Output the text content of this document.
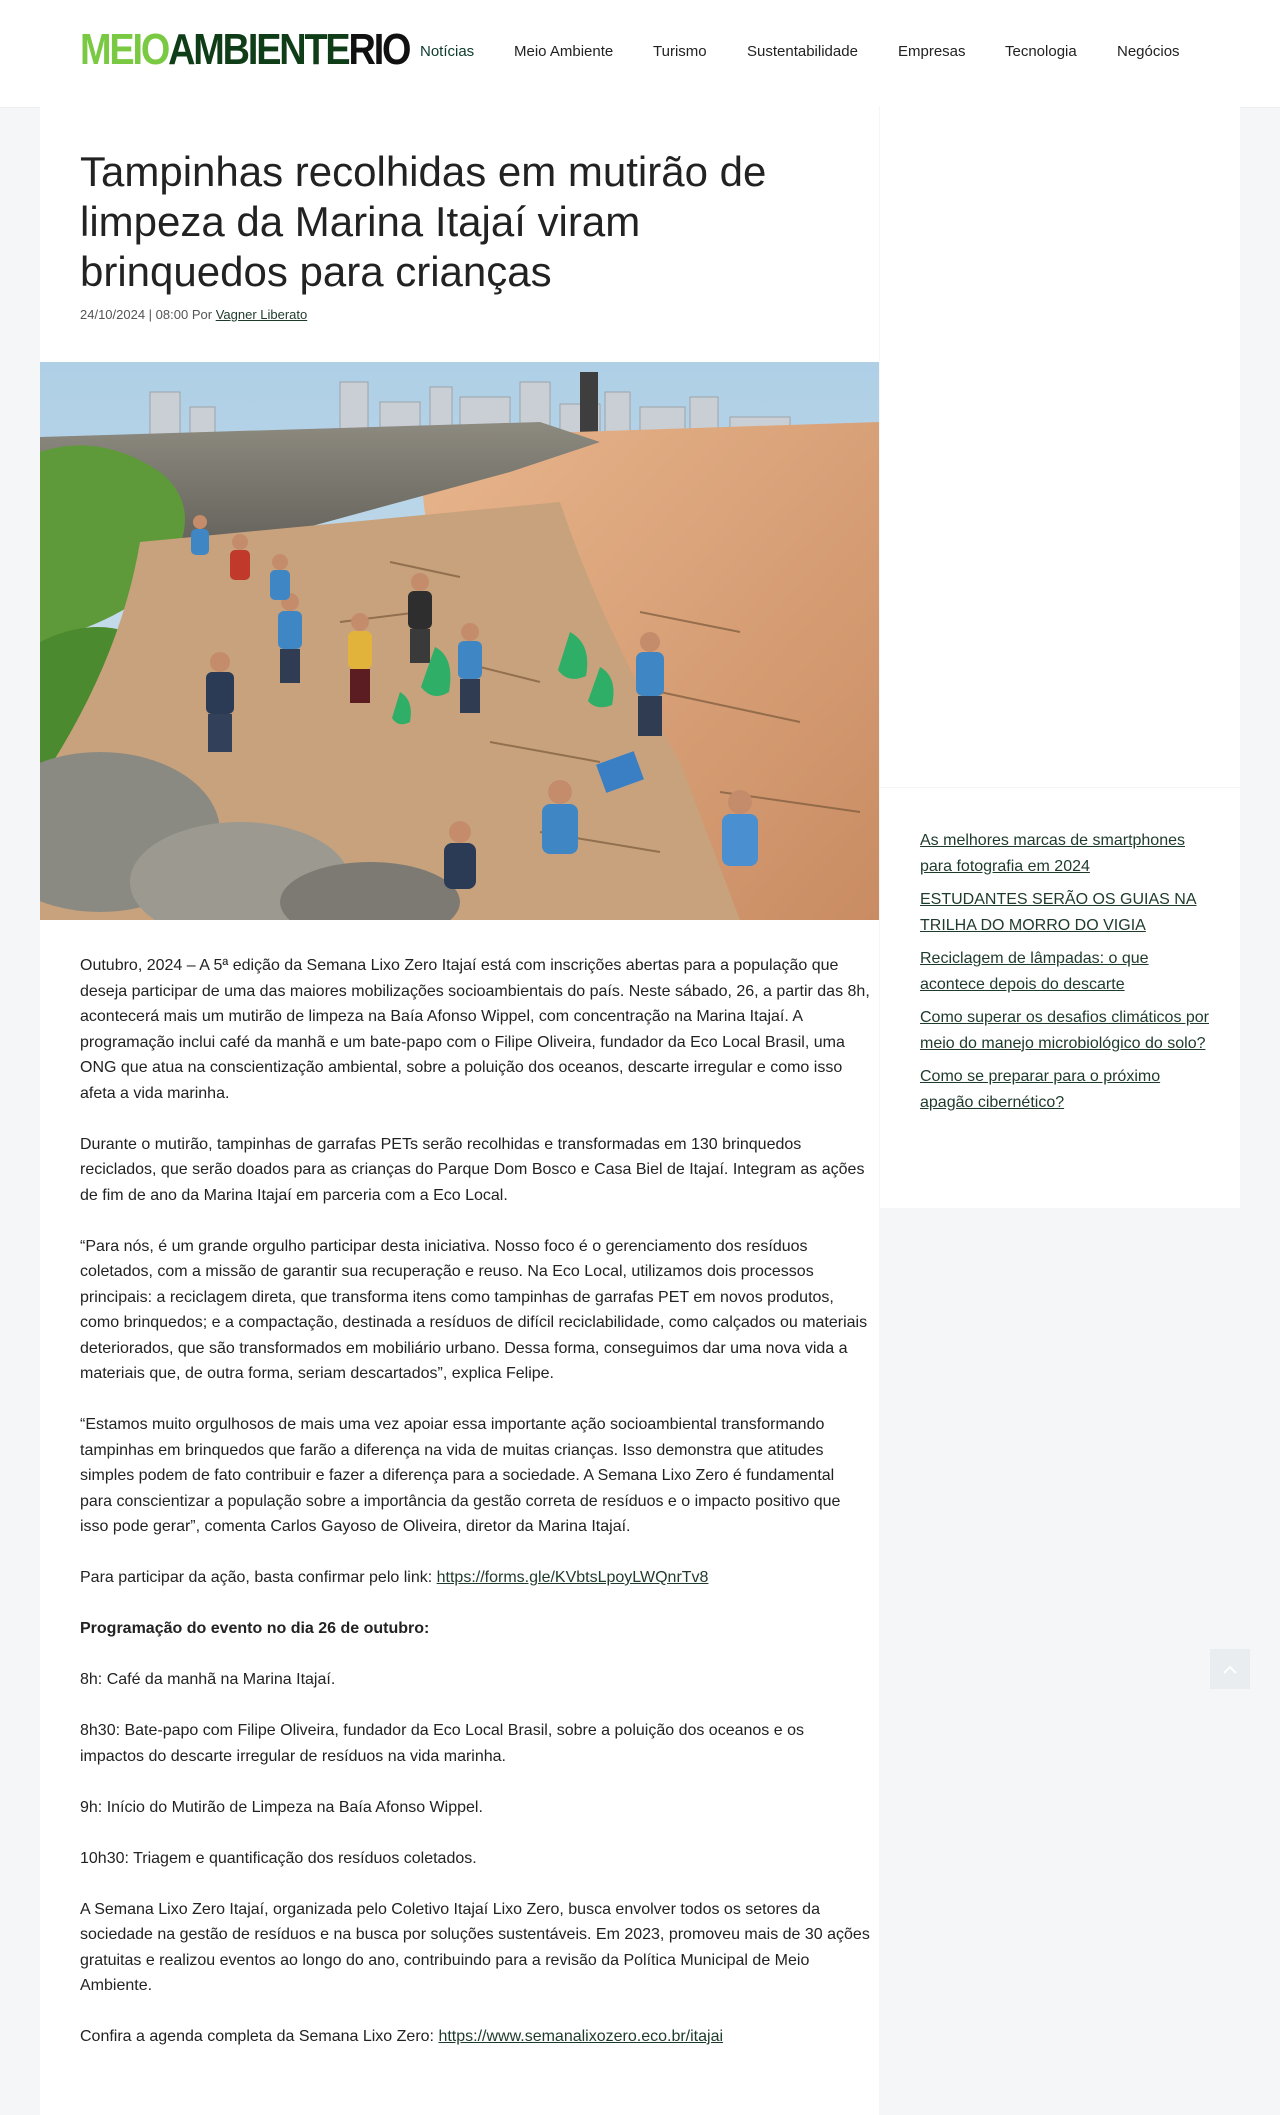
MEIOAMBIENTERIO Notícias	Meio Ambiente	Turismo	Sustentabilidade	Empresas	Tecnologia	Negócios
Tampinhas recolhidas em mutirão de limpeza da Marina Itajaí viram brinquedos para crianças
24/10/2024 | 08:00 Por Vagner Liberato

Outubro, 2024 – A 5ª edição da Semana Lixo Zero Itajaí está com inscrições abertas para a população que deseja participar de uma das maiores mobilizações socioambientais do país. Neste sábado, 26, a partir das 8h, acontecerá mais um mutirão de limpeza na Baía Afonso Wippel, com concentração na Marina Itajaí. A programação inclui café da manhã e um bate-papo com o Filipe Oliveira, fundador da Eco Local Brasil, uma ONG que atua na conscientização ambiental, sobre a poluição dos oceanos, descarte irregular e como isso afeta a vida marinha.

Durante o mutirão, tampinhas de garrafas PETs serão recolhidas e transformadas em 130 brinquedos reciclados, que serão doados para as crianças do Parque Dom Bosco e Casa Biel de Itajaí. Integram as ações de fim de ano da Marina Itajaí em parceria com a Eco Local.

“Para nós, é um grande orgulho participar desta iniciativa. Nosso foco é o gerenciamento dos resíduos coletados, com a missão de garantir sua recuperação e reuso. Na Eco Local, utilizamos dois processos principais: a reciclagem direta, que transforma itens como tampinhas de garrafas PET em novos produtos, como brinquedos; e a compactação, destinada a resíduos de difícil reciclabilidade, como calçados ou materiais deteriorados, que são transformados em mobiliário urbano. Dessa forma, conseguimos dar uma nova vida a materiais que, de outra forma, seriam descartados”, explica Felipe.

“Estamos muito orgulhosos de mais uma vez apoiar essa importante ação socioambiental transformando tampinhas em brinquedos que farão a diferença na vida de muitas crianças. Isso demonstra que atitudes simples podem de fato contribuir e fazer a diferença para a sociedade. A Semana Lixo Zero é fundamental para conscientizar a população sobre a importância da gestão correta de resíduos e o impacto positivo que isso pode gerar”, comenta Carlos Gayoso de Oliveira, diretor da Marina Itajaí.

Para participar da ação, basta confirmar pelo link: https://forms.gle/KVbtsLpoyLWQnrTv8

Programação do evento no dia 26 de outubro:

8h: Café da manhã na Marina Itajaí.

8h30: Bate-papo com Filipe Oliveira, fundador da Eco Local Brasil, sobre a poluição dos oceanos e os impactos do descarte irregular de resíduos na vida marinha.

9h: Início do Mutirão de Limpeza na Baía Afonso Wippel.

10h30: Triagem e quantificação dos resíduos coletados.

A Semana Lixo Zero Itajaí, organizada pelo Coletivo Itajaí Lixo Zero, busca envolver todos os setores da sociedade na gestão de resíduos e na busca por soluções sustentáveis. Em 2023, promoveu mais de 30 ações gratuitas e realizou eventos ao longo do ano, contribuindo para a revisão da Política Municipal de Meio Ambiente.

Confira a agenda completa da Semana Lixo Zero: https://www.semanalixozero.eco.br/itajai

As melhores marcas de smartphones para fotografia em 2024
ESTUDANTES SERÃO OS GUIAS NA TRILHA DO MORRO DO VIGIA
Reciclagem de lâmpadas: o que acontece depois do descarte
Como superar os desafios climáticos por meio do manejo microbiológico do solo?
Como se preparar para o próximo apagão cibernético?
